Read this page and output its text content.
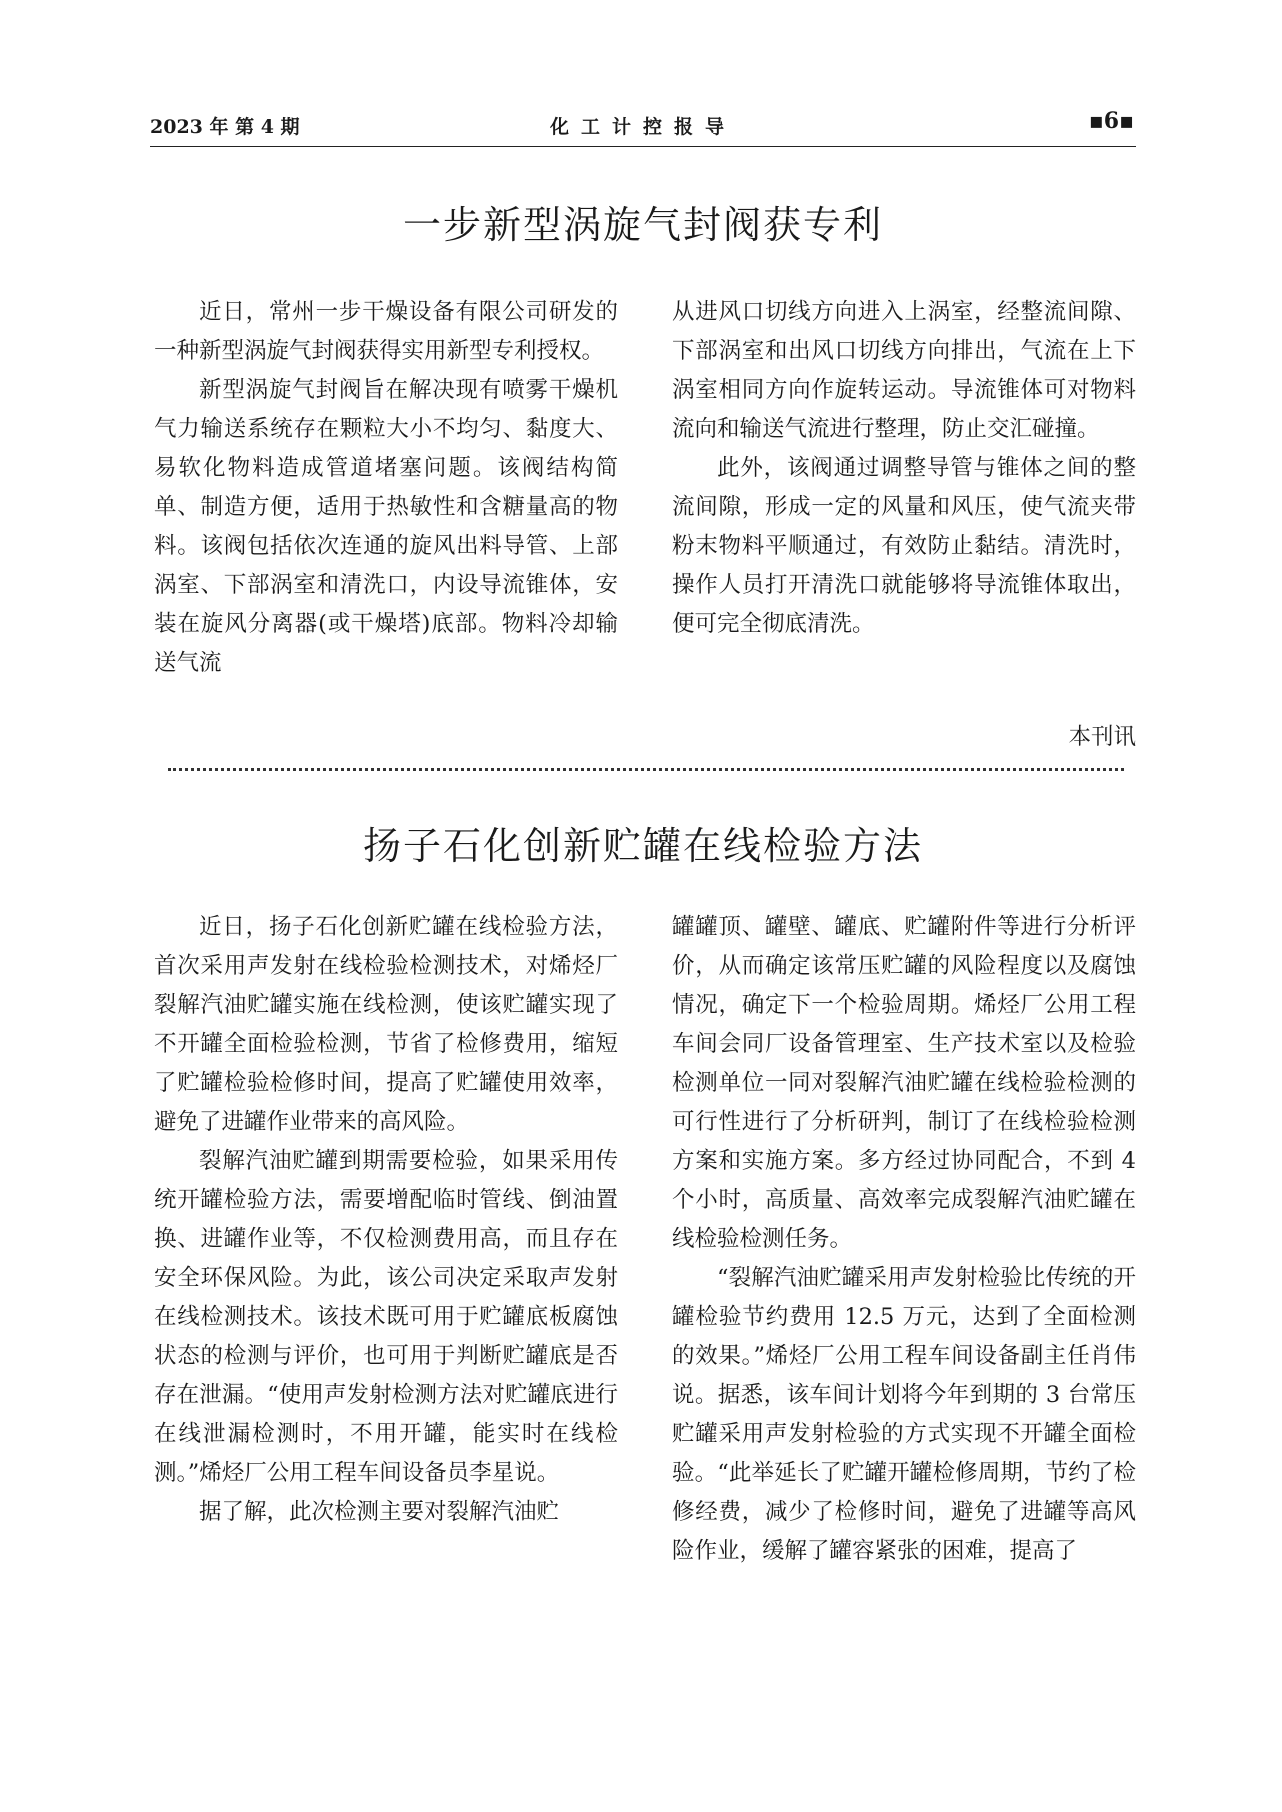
2023 年 第 4 期	化工计控报导	▪6▪
一步新型涡旋气封阀获专利

近日，常州一步干燥设备有限公司研发的一种新型涡旋气封阀获得实用新型专利授权。

新型涡旋气封阀旨在解决现有喷雾干燥机气力输送系统存在颗粒大小不均匀、黏度大、易软化物料造成管道堵塞问题。该阀结构简单、制造方便，适用于热敏性和含糖量高的物料。该阀包括依次连通的旋风出料导管、上部涡室、下部涡室和清洗口，内设导流锥体，安装在旋风分离器(或干燥塔)底部。物料冷却输送气流

从进风口切线方向进入上涡室，经整流间隙、下部涡室和出风口切线方向排出，气流在上下涡室相同方向作旋转运动。导流锥体可对物料流向和输送气流进行整理，防止交汇碰撞。

此外，该阀通过调整导管与锥体之间的整流间隙，形成一定的风量和风压，使气流夹带粉末物料平顺通过，有效防止黏结。清洗时，操作人员打开清洗口就能够将导流锥体取出，便可完全彻底清洗。

本刊讯
扬子石化创新贮罐在线检验方法

近日，扬子石化创新贮罐在线检验方法，首次采用声发射在线检验检测技术，对烯烃厂裂解汽油贮罐实施在线检测，使该贮罐实现了不开罐全面检验检测，节省了检修费用，缩短了贮罐检验检修时间，提高了贮罐使用效率，避免了进罐作业带来的高风险。

裂解汽油贮罐到期需要检验，如果采用传统开罐检验方法，需要增配临时管线、倒油置换、进罐作业等，不仅检测费用高，而且存在安全环保风险。为此，该公司决定采取声发射在线检测技术。该技术既可用于贮罐底板腐蚀状态的检测与评价，也可用于判断贮罐底是否存在泄漏。“使用声发射检测方法对贮罐底进行在线泄漏检测时，不用开罐，能实时在线检测。”烯烃厂公用工程车间设备员李星说。

据了解，此次检测主要对裂解汽油贮

罐罐顶、罐壁、罐底、贮罐附件等进行分析评价，从而确定该常压贮罐的风险程度以及腐蚀情况，确定下一个检验周期。烯烃厂公用工程车间会同厂设备管理室、生产技术室以及检验检测单位一同对裂解汽油贮罐在线检验检测的可行性进行了分析研判，制订了在线检验检测方案和实施方案。多方经过协同配合，不到 4 个小时，高质量、高效率完成裂解汽油贮罐在线检验检测任务。

“裂解汽油贮罐采用声发射检验比传统的开罐检验节约费用 12.5 万元，达到了全面检测的效果。”烯烃厂公用工程车间设备副主任肖伟说。据悉，该车间计划将今年到期的 3 台常压贮罐采用声发射检验的方式实现不开罐全面检验。“此举延长了贮罐开罐检修周期，节约了检修经费，减少了检修时间，避免了进罐等高风险作业，缓解了罐容紧张的困难，提高了
